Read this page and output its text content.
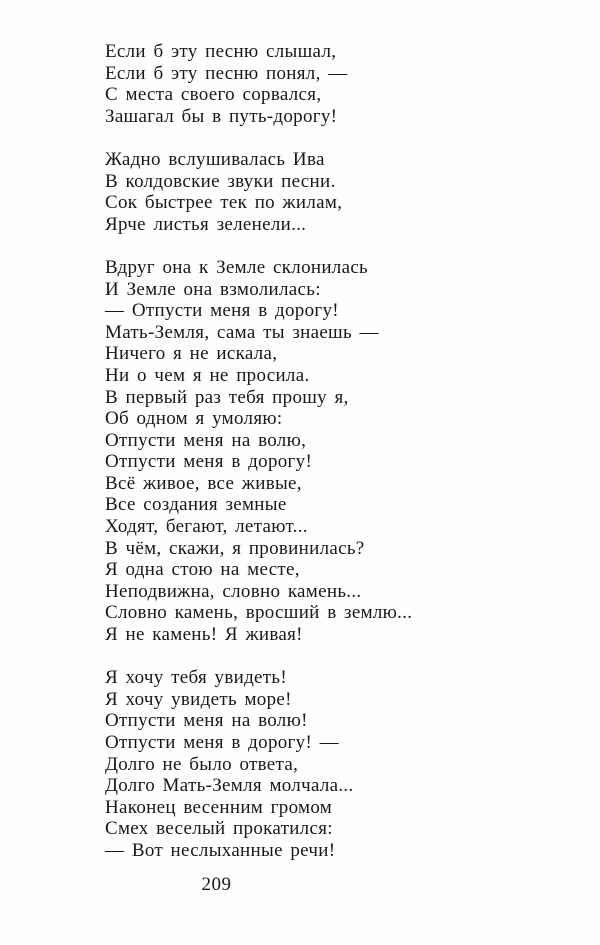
Если б эту песню слышал,
Если б эту песню понял, —
С места своего сорвался,
Зашагал бы в путь-дорогу!
Жадно вслушивалась Ива
В колдовские звуки песни.
Сок быстрее тек по жилам,
Ярче листья зеленели...
Вдруг она к Земле склонилась
И Земле она взмолилась:
— Отпусти меня в дорогу!
Мать-Земля, сама ты знаешь —
Ничего я не искала,
Ни о чем я не просила.
В первый раз тебя прошу я,
Об одном я умоляю:
Отпусти меня на волю,
Отпусти меня в дорогу!
Всё живое, все живые,
Все создания земные
Ходят, бегают, летают...
В чём, скажи, я провинилась?
Я одна стою на месте,
Неподвижна, словно камень...
Словно камень, вросший в землю...
Я не камень! Я живая!
Я хочу тебя увидеть!
Я хочу увидеть море!
Отпусти меня на волю!
Отпусти меня в дорогу! —
Долго не было ответа,
Долго Мать-Земля молчала...
Наконец весенним громом
Смех веселый прокатился:
— Вот неслыханные речи!
209
